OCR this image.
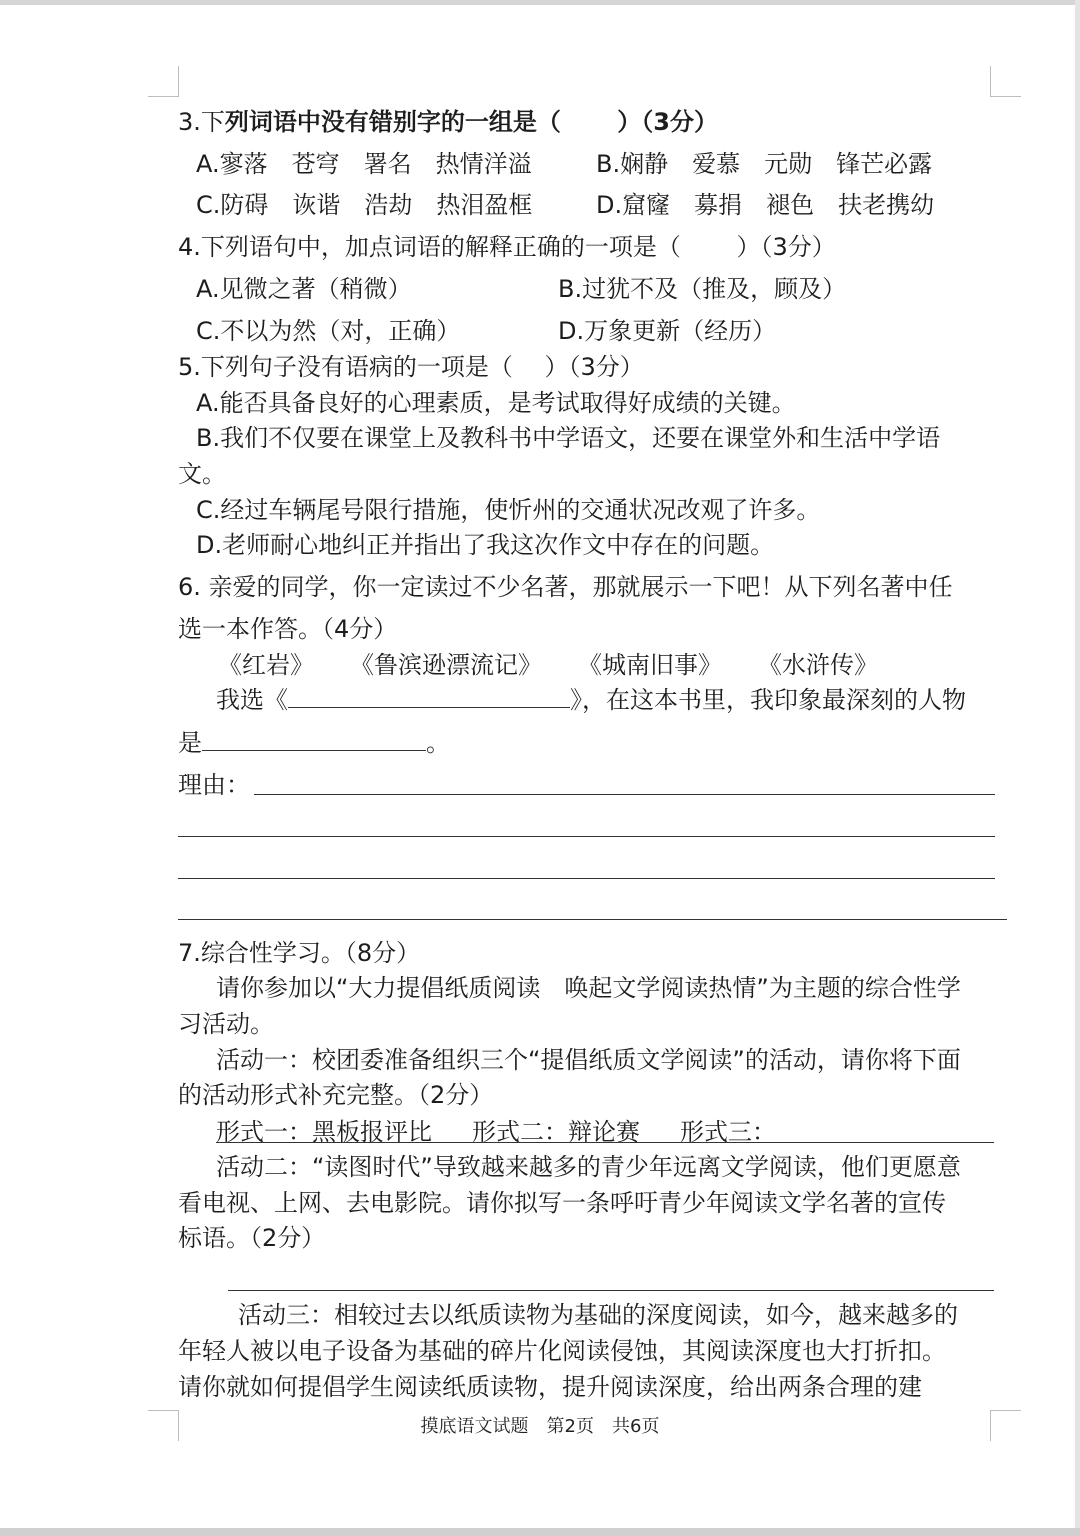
3.下列词语中没有错别字的一组是（　　 ）（3分）
A.寥落　苍穹　署名　热情洋溢	B.娴静　爱慕　元勋　锋芒必露
C.防碍　诙谐　浩劫　热泪盈框	D.窟窿　募捐　褪色　扶老携幼
4.下列语句中，加点词语的解释正确的一项是（　　 ）（3分）
A.见微之著（稍微）	B.过犹不及（推及，顾及）
C.不以为然（对，正确）	D.万象更新（经历）
5.下列句子没有语病的一项是（　 ）（3分）
A.能否具备良好的心理素质，是考试取得好成绩的关键。
B.我们不仅要在课堂上及教科书中学语文，还要在课堂外和生活中学语
文。
C.经过车辆尾号限行措施，使忻州的交通状况改观了许多。
D.老师耐心地纠正并指出了我这次作文中存在的问题。
6. 亲爱的同学，你一定读过不少名著，那就展示一下吧！从下列名著中任
选一本作答。（4分）
《红岩》 《鲁滨逊漂流记》 《城南旧事》 《水浒传》
我选《	》，在这本书里，我印象最深刻的人物
是	。
理由：
7.综合性学习。（8分）
请你参加以“大力提倡纸质阅读　唤起文学阅读热情”为主题的综合性学
习活动。
活动一：校团委准备组织三个“提倡纸质文学阅读”的活动，请你将下面
的活动形式补充完整。（2分）
形式一：黑板报评比 形式二：辩论赛 形式三：
活动二：“读图时代”导致越来越多的青少年远离文学阅读，他们更愿意
看电视、上网、去电影院。请你拟写一条呼吁青少年阅读文学名著的宣传
标语。（2分）
活动三：相较过去以纸质读物为基础的深度阅读，如今，越来越多的
年轻人被以电子设备为基础的碎片化阅读侵蚀，其阅读深度也大打折扣。
请你就如何提倡学生阅读纸质读物，提升阅读深度，给出两条合理的建
摸底语文试题　第2页　共6页
